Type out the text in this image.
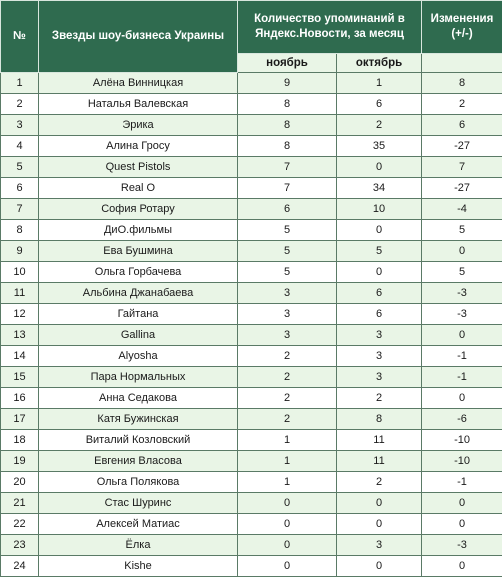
№	Звезды шоу-бизнеса Украины	Количество упоминаний в Яндекс.Новости, за месяц		Изменения (+/-)
		ноябрь	октябрь	
1	Алёна Винницкая	9	1	8
2	Наталья Валевская	8	6	2
3	Эрика	8	2	6
4	Алина Гросу	8	35	-27
5	Quest Pistols	7	0	7
6	Real O	7	34	-27
7	София Ротару	6	10	-4
8	ДиО.фильмы	5	0	5
9	Ева Бушмина	5	5	0
10	Ольга Горбачева	5	0	5
11	Альбина Джанабаева	3	6	-3
12	Гайтана	3	6	-3
13	Gallina	3	3	0
14	Alyosha	2	3	-1
15	Пара Нормальных	2	3	-1
16	Анна Седакова	2	2	0
17	Катя Бужинская	2	8	-6
18	Виталий Козловский	1	11	-10
19	Евгения Власова	1	11	-10
20	Ольга Полякова	1	2	-1
21	Стас Шуринс	0	0	0
22	Алексей Матиас	0	0	0
23	Ёлка	0	3	-3
24	Kishe	0	0	0
